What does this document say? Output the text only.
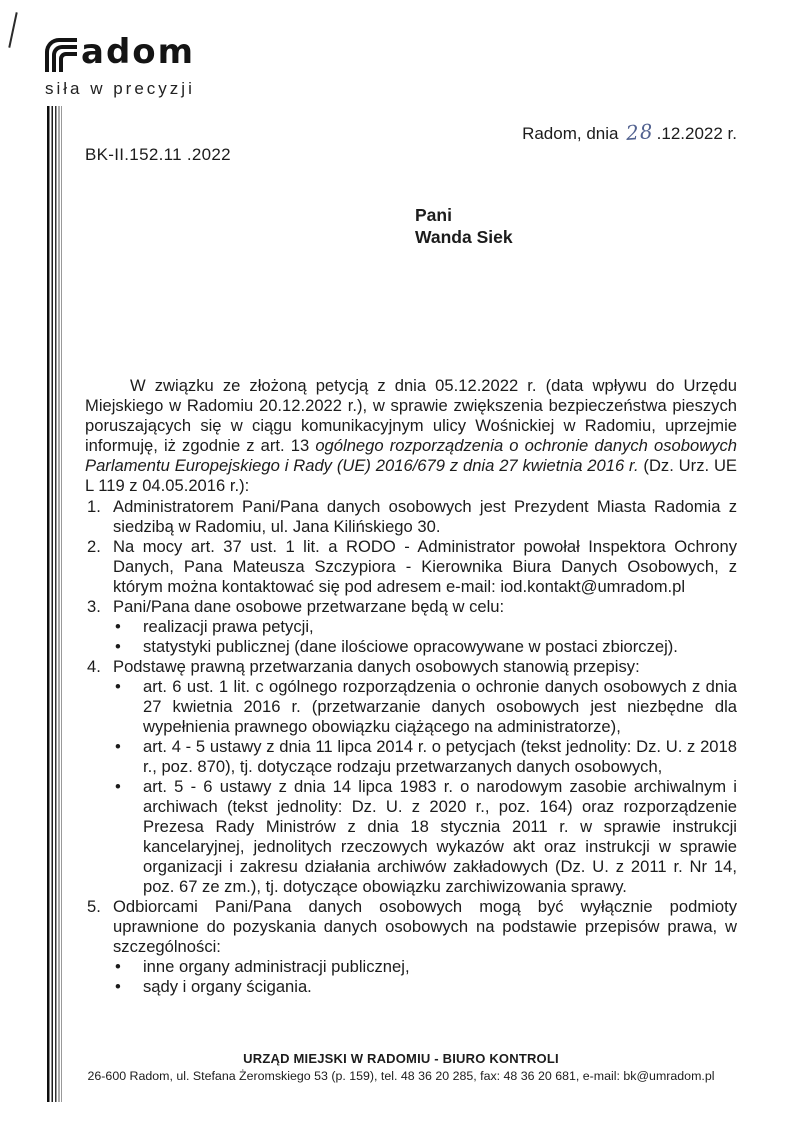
adom
siła w precyzji
Radom, dnia 28 .12.2022 r.
BK-II.152.11 .2022
Pani
Wanda Siek

W związku ze złożoną petycją z dnia 05.12.2022 r. (data wpływu do Urzędu Miejskiego w Radomiu 20.12.2022 r.), w sprawie zwiększenia bezpieczeństwa pieszych poruszających się w ciągu komunikacyjnym ulicy Wośnickiej w Radomiu, uprzejmie informuję, iż zgodnie z art. 13 ogólnego rozporządzenia o ochronie danych osobowych Parlamentu Europejskiego i Rady (UE) 2016/679 z dnia 27 kwietnia 2016 r. (Dz. Urz. UE L 119 z 04.05.2016 r.):

1. Administratorem Pani/Pana danych osobowych jest Prezydent Miasta Radomia z siedzibą w Radomiu, ul. Jana Kilińskiego 30.
2. Na mocy art. 37 ust. 1 lit. a RODO - Administrator powołał Inspektora Ochrony Danych, Pana Mateusza Szczypiora - Kierownika Biura Danych Osobowych, z którym można kontaktować się pod adresem e-mail: iod.kontakt@umradom.pl
3. Pani/Pana dane osobowe przetwarzane będą w celu:
•	realizacji prawa petycji,
•	statystyki publicznej (dane ilościowe opracowywane w postaci zbiorczej).
4. Podstawę prawną przetwarzania danych osobowych stanowią przepisy:
•	art. 6 ust. 1 lit. c ogólnego rozporządzenia o ochronie danych osobowych z dnia 27 kwietnia 2016 r. (przetwarzanie danych osobowych jest niezbędne dla wypełnienia prawnego obowiązku ciążącego na administratorze),
•	art. 4 - 5 ustawy z dnia 11 lipca 2014 r. o petycjach (tekst jednolity: Dz. U. z 2018 r., poz. 870), tj. dotyczące rodzaju przetwarzanych danych osobowych,
•	art. 5 - 6 ustawy z dnia 14 lipca 1983 r. o narodowym zasobie archiwalnym i archiwach (tekst jednolity: Dz. U. z 2020 r., poz. 164) oraz rozporządzenie Prezesa Rady Ministrów z dnia 18 stycznia 2011 r. w sprawie instrukcji kancelaryjnej, jednolitych rzeczowych wykazów akt oraz instrukcji w sprawie organizacji i zakresu działania archiwów zakładowych (Dz. U. z 2011 r. Nr 14, poz. 67 ze zm.), tj. dotyczące obowiązku zarchiwizowania sprawy.
5. Odbiorcami Pani/Pana danych osobowych mogą być wyłącznie podmioty uprawnione do pozyskania danych osobowych na podstawie przepisów prawa, w szczególności:
•	inne organy administracji publicznej,
•	sądy i organy ścigania.
URZĄD MIEJSKI W RADOMIU - BIURO KONTROLI
26-600 Radom, ul. Stefana Żeromskiego 53 (p. 159), tel. 48 36 20 285, fax: 48 36 20 681, e-mail: bk@umradom.pl
